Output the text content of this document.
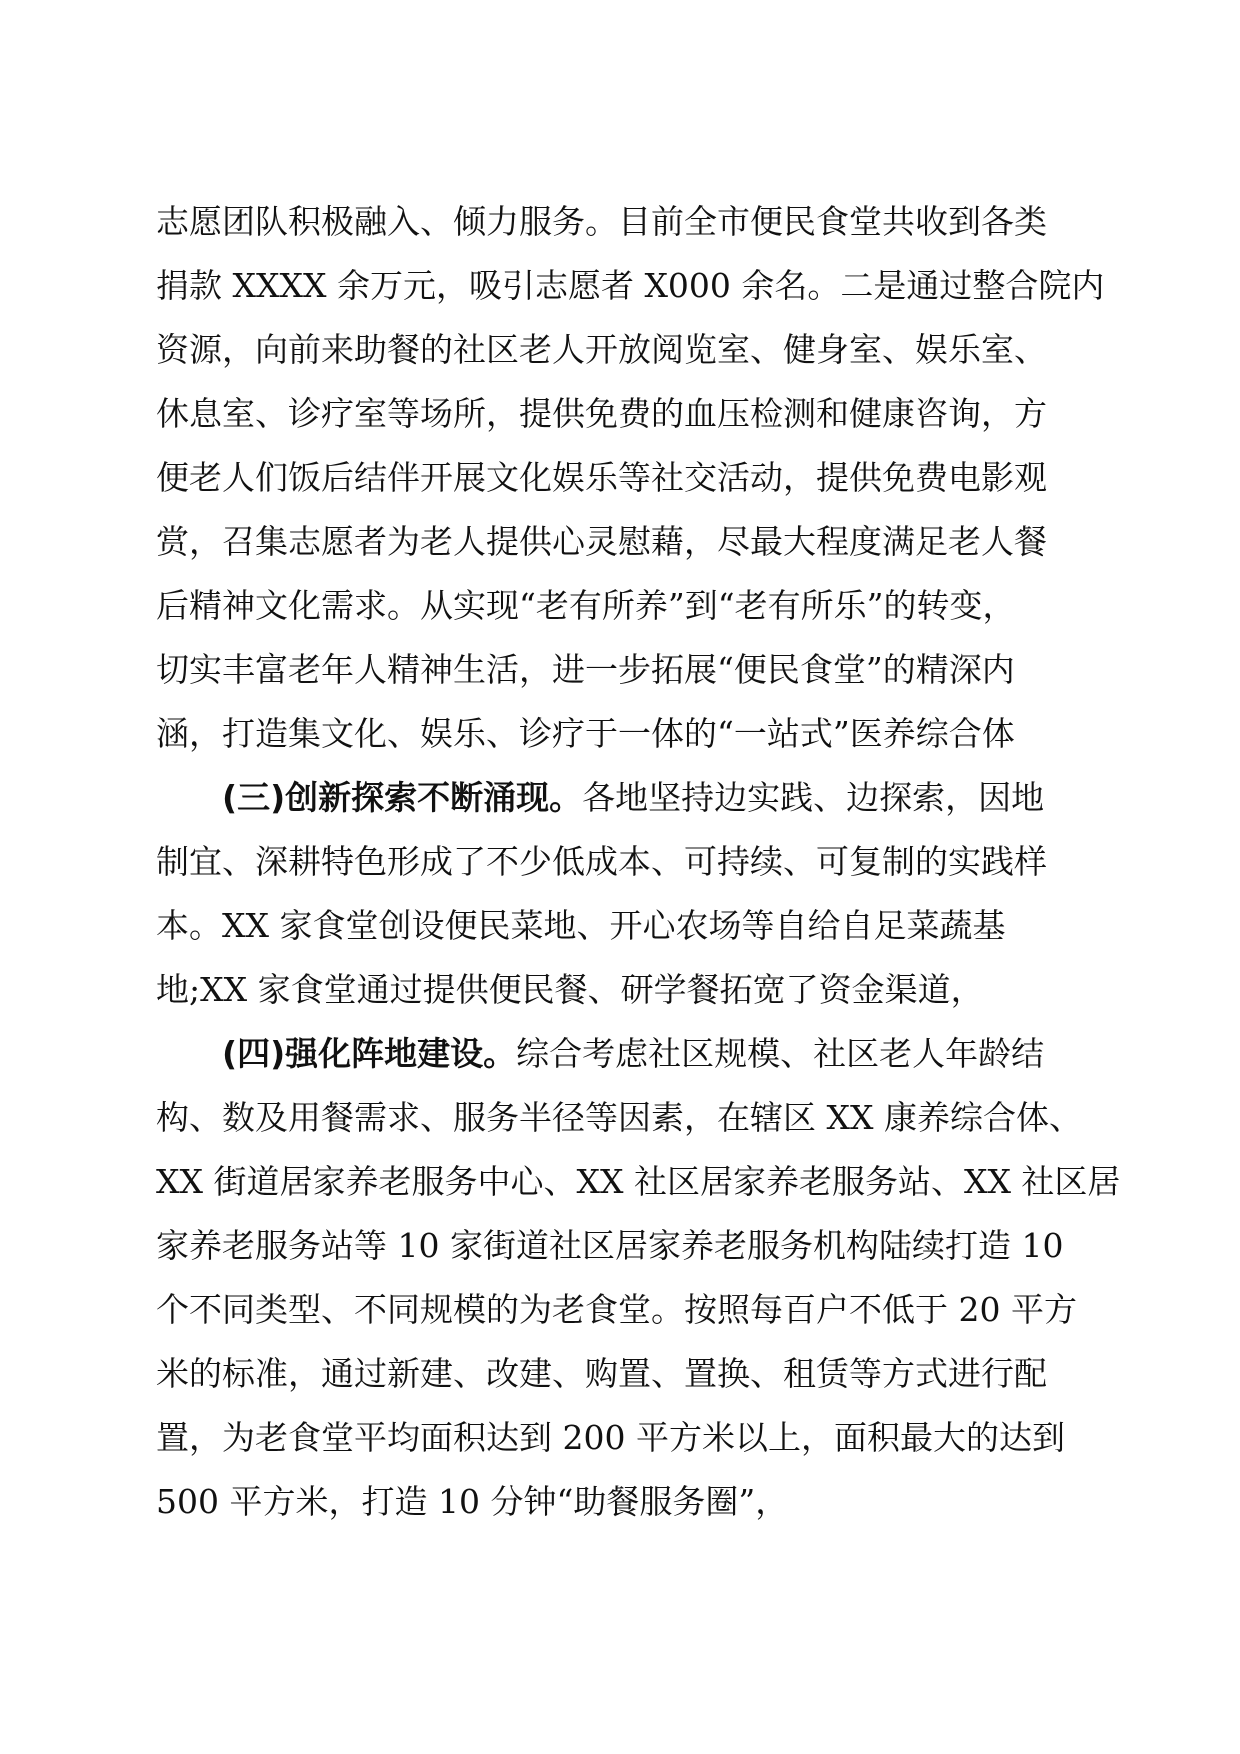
志愿团队积极融入、倾力服务。目前全市便民食堂共收到各类
捐款 XXXX 余万元，吸引志愿者 X000 余名。二是通过整合院内
资源，向前来助餐的社区老人开放阅览室、健身室、娱乐室、
休息室、诊疗室等场所，提供免费的血压检测和健康咨询，方
便老人们饭后结伴开展文化娱乐等社交活动，提供免费电影观
赏，召集志愿者为老人提供心灵慰藉，尽最大程度满足老人餐
后精神文化需求。从实现“老有所养”到“老有所乐”的转变，
切实丰富老年人精神生活，进一步拓展“便民食堂”的精深内
涵，打造集文化、娱乐、诊疗于一体的“一站式”医养综合体
(三)创新探索不断涌现。各地坚持边实践、边探索，因地
制宜、深耕特色形成了不少低成本、可持续、可复制的实践样
本。XX 家食堂创设便民菜地、开心农场等自给自足菜蔬基
地;XX 家食堂通过提供便民餐、研学餐拓宽了资金渠道，
(四)强化阵地建设。综合考虑社区规模、社区老人年龄结
构、数及用餐需求、服务半径等因素，在辖区 XX 康养综合体、
XX 街道居家养老服务中心、XX 社区居家养老服务站、XX 社区居
家养老服务站等 10 家街道社区居家养老服务机构陆续打造 10
个不同类型、不同规模的为老食堂。按照每百户不低于 20 平方
米的标准，通过新建、改建、购置、置换、租赁等方式进行配
置，为老食堂平均面积达到 200 平方米以上，面积最大的达到
500 平方米，打造 10 分钟“助餐服务圈”，
